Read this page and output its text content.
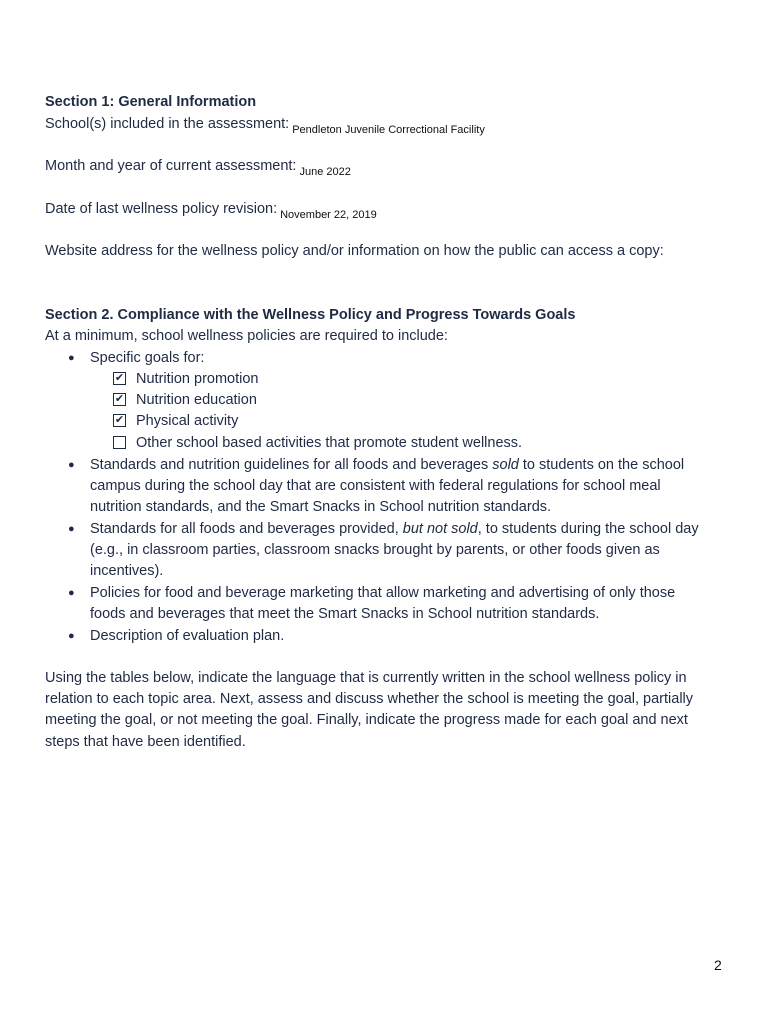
Section 1: General Information
School(s) included in the assessment: $_{Pendleton Juvenile Correctional Facility}$
Month and year of current assessment: $_{June 2022}$
Date of last wellness policy revision: $_{November 22, 2019}$
Website address for the wellness policy and/or information on how the public can access a copy:
Section 2. Compliance with the Wellness Policy and Progress Towards Goals
At a minimum, school wellness policies are required to include:
● Specific goals for:
✔ Nutrition promotion
✔ Nutrition education
✔ Physical activity
Other school based activities that promote student wellness.
● Standards and nutrition guidelines for all foods and beverages sold to students on the school
campus during the school day that are consistent with federal regulations for school meal
nutrition standards, and the Smart Snacks in School nutrition standards.
● Standards for all foods and beverages provided, but not sold, to students during the school day
(e.g., in classroom parties, classroom snacks brought by parents, or other foods given as
incentives).
● Policies for food and beverage marketing that allow marketing and advertising of only those
foods and beverages that meet the Smart Snacks in School nutrition standards.
● Description of evaluation plan.
Using the tables below, indicate the language that is currently written in the school wellness policy in
relation to each topic area. Next, assess and discuss whether the school is meeting the goal, partially
meeting the goal, or not meeting the goal. Finally, indicate the progress made for each goal and next
steps that have been identified.
2
